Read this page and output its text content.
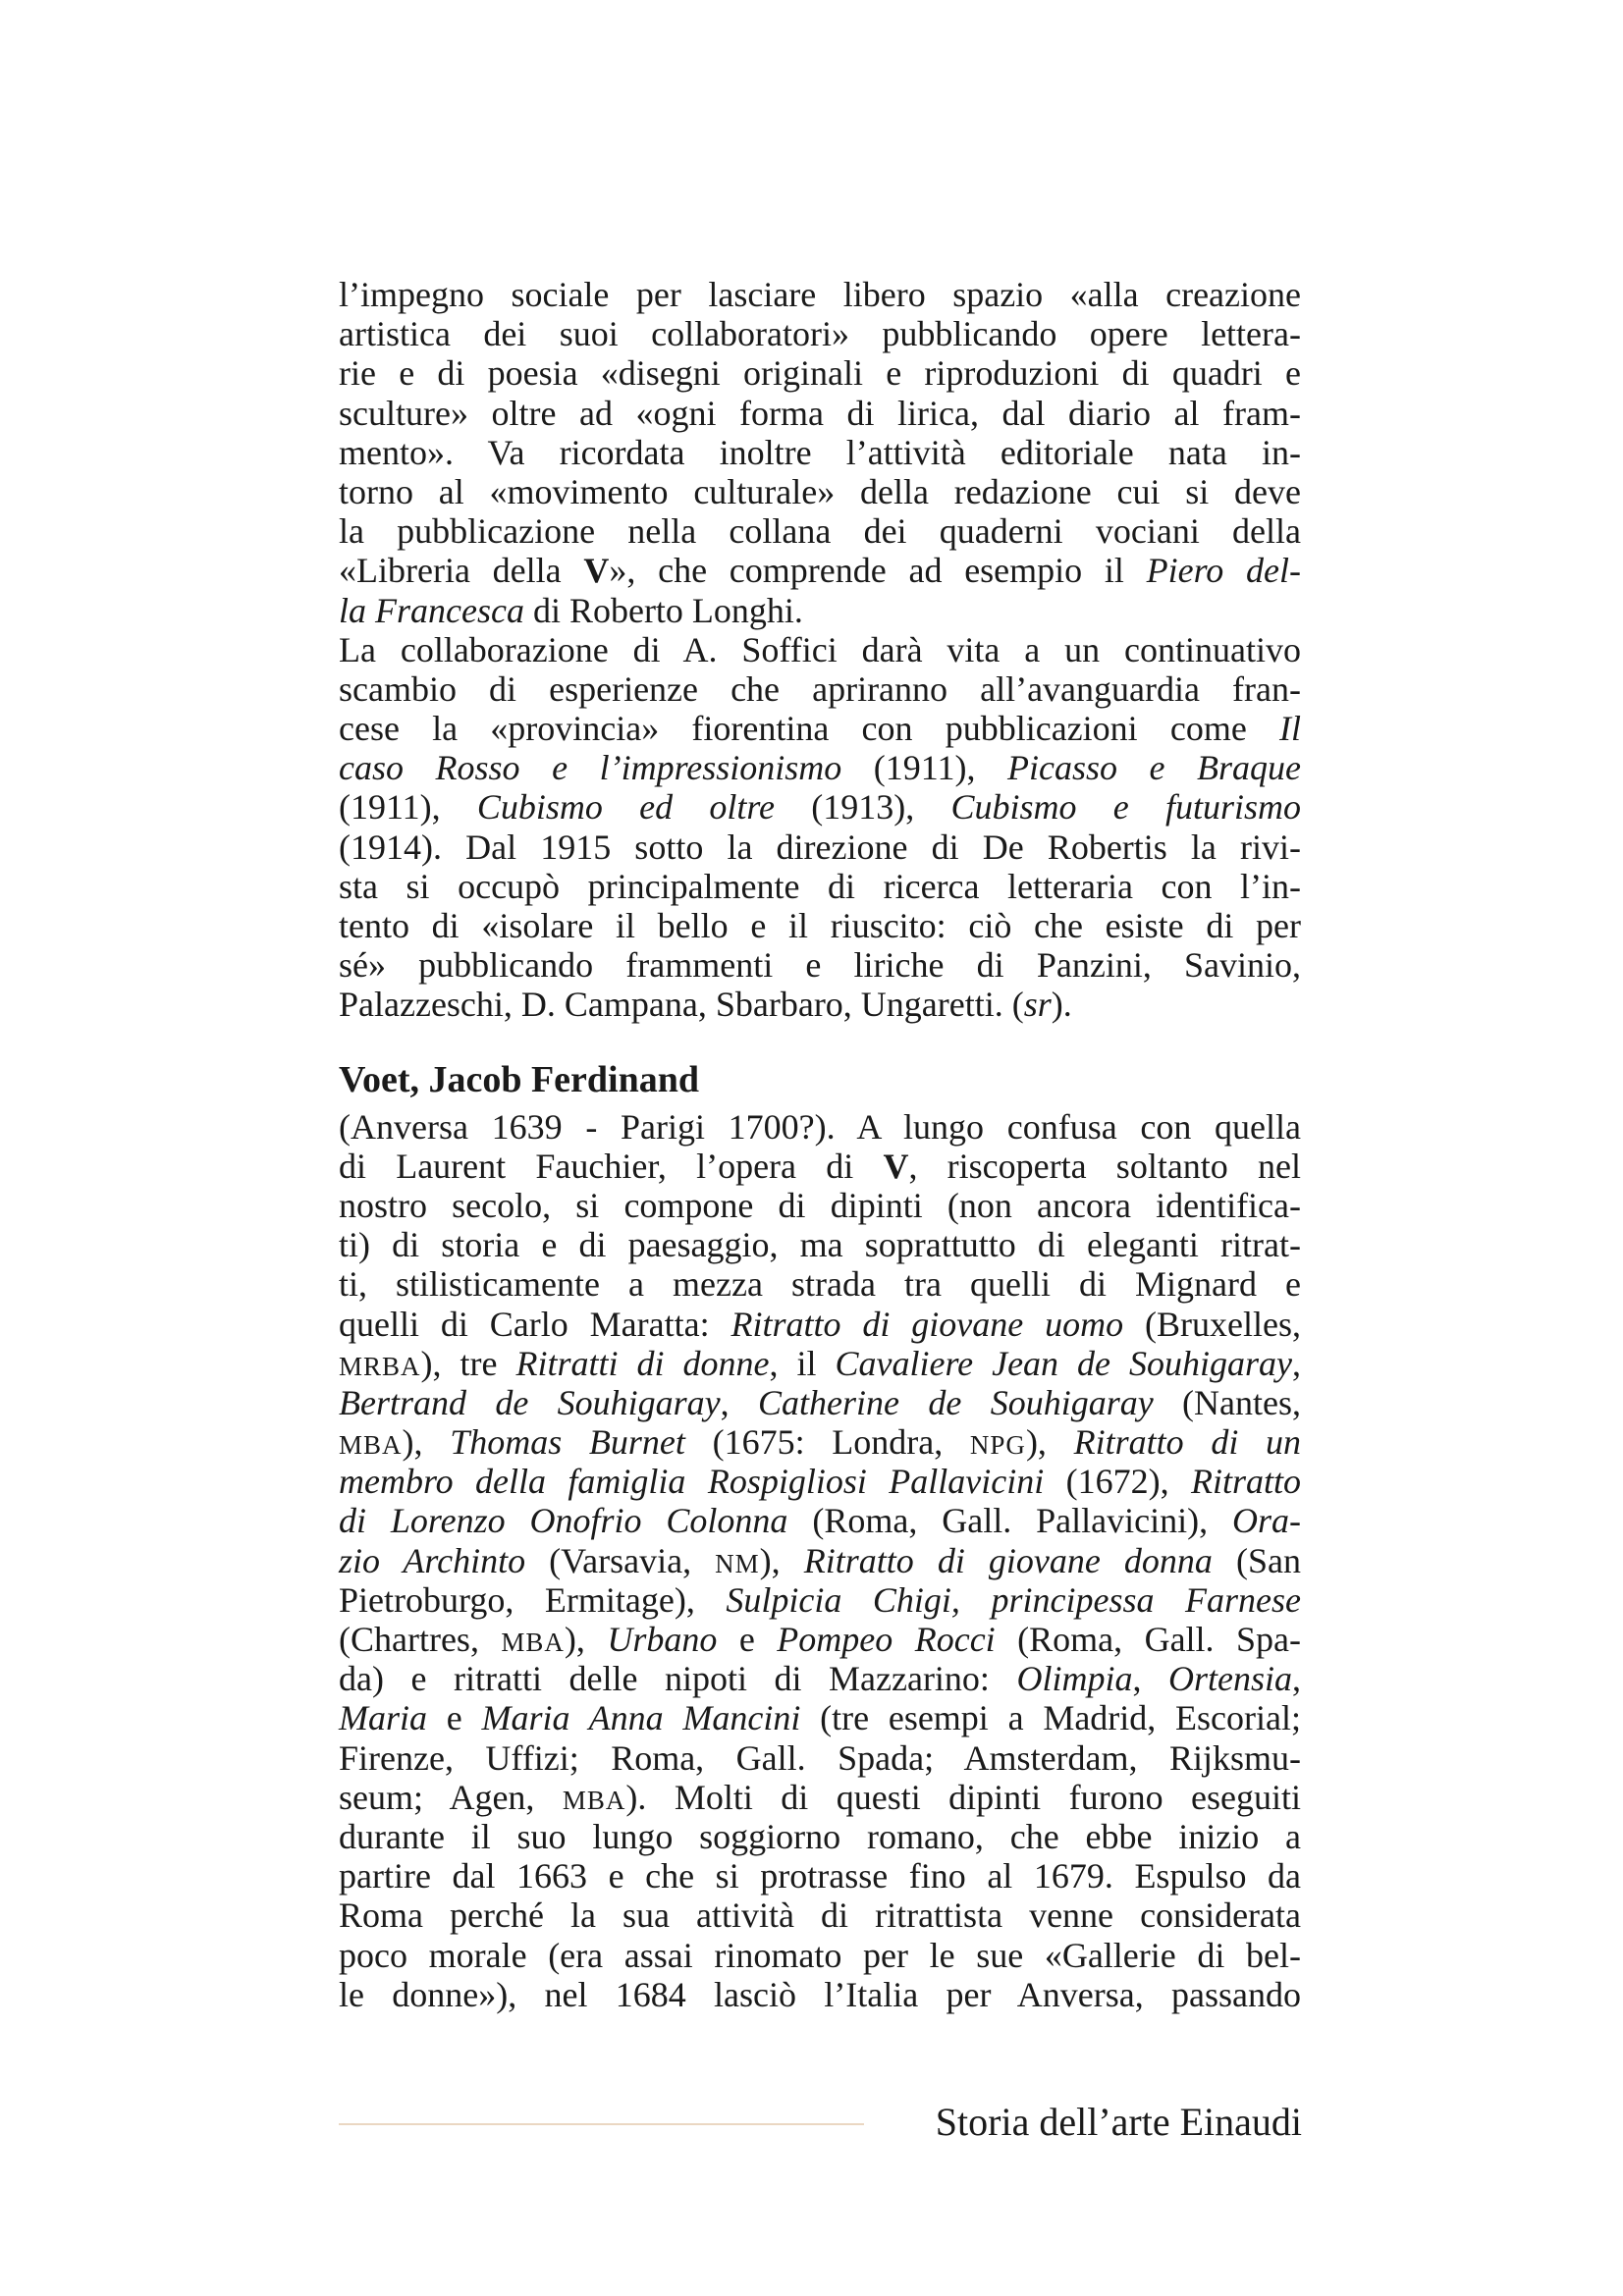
l’impegno sociale per lasciare libero spazio «alla creazione
artistica dei suoi collaboratori» pubblicando opere lettera-
rie e di poesia «disegni originali e riproduzioni di quadri e
sculture» oltre ad «ogni forma di lirica, dal diario al fram-
mento». Va ricordata inoltre l’attività editoriale nata in-
torno al «movimento culturale» della redazione cui si deve
la pubblicazione nella collana dei quaderni vociani della
«Libreria della V», che comprende ad esempio il Piero del-
la Francesca di Roberto Longhi.
La collaborazione di A. Soffici darà vita a un continuativo
scambio di esperienze che apriranno all’avanguardia fran-
cese la «provincia» fiorentina con pubblicazioni come Il
caso Rosso e l’impressionismo (1911), Picasso e Braque
(1911), Cubismo ed oltre (1913), Cubismo e futurismo
(1914). Dal 1915 sotto la direzione di De Robertis la rivi-
sta si occupò principalmente di ricerca letteraria con l’in-
tento di «isolare il bello e il riuscito: ciò che esiste di per
sé» pubblicando frammenti e liriche di Panzini, Savinio,
Palazzeschi, D. Campana, Sbarbaro, Ungaretti. (sr).
Voet, Jacob Ferdinand
(Anversa 1639 - Parigi 1700?). A lungo confusa con quella
di Laurent Fauchier, l’opera di V, riscoperta soltanto nel
nostro secolo, si compone di dipinti (non ancora identifica-
ti) di storia e di paesaggio, ma soprattutto di eleganti ritrat-
ti, stilisticamente a mezza strada tra quelli di Mignard e
quelli di Carlo Maratta: Ritratto di giovane uomo (Bruxelles,
MRBA), tre Ritratti di donne, il Cavaliere Jean de Souhigaray,
Bertrand de Souhigaray, Catherine de Souhigaray (Nantes,
MBA), Thomas Burnet (1675: Londra, NPG), Ritratto di un
membro della famiglia Rospigliosi Pallavicini (1672), Ritratto
di Lorenzo Onofrio Colonna (Roma, Gall. Pallavicini), Ora-
zio Archinto (Varsavia, NM), Ritratto di giovane donna (San
Pietroburgo, Ermitage), Sulpicia Chigi, principessa Farnese
(Chartres, MBA), Urbano e Pompeo Rocci (Roma, Gall. Spa-
da) e ritratti delle nipoti di Mazzarino: Olimpia, Ortensia,
Maria e Maria Anna Mancini (tre esempi a Madrid, Escorial;
Firenze, Uffizi; Roma, Gall. Spada; Amsterdam, Rijksmu-
seum; Agen, MBA). Molti di questi dipinti furono eseguiti
durante il suo lungo soggiorno romano, che ebbe inizio a
partire dal 1663 e che si protrasse fino al 1679. Espulso da
Roma perché la sua attività di ritrattista venne considerata
poco morale (era assai rinomato per le sue «Gallerie di bel-
le donne»), nel 1684 lasciò l’Italia per Anversa, passando
Storia dell’arte Einaudi
